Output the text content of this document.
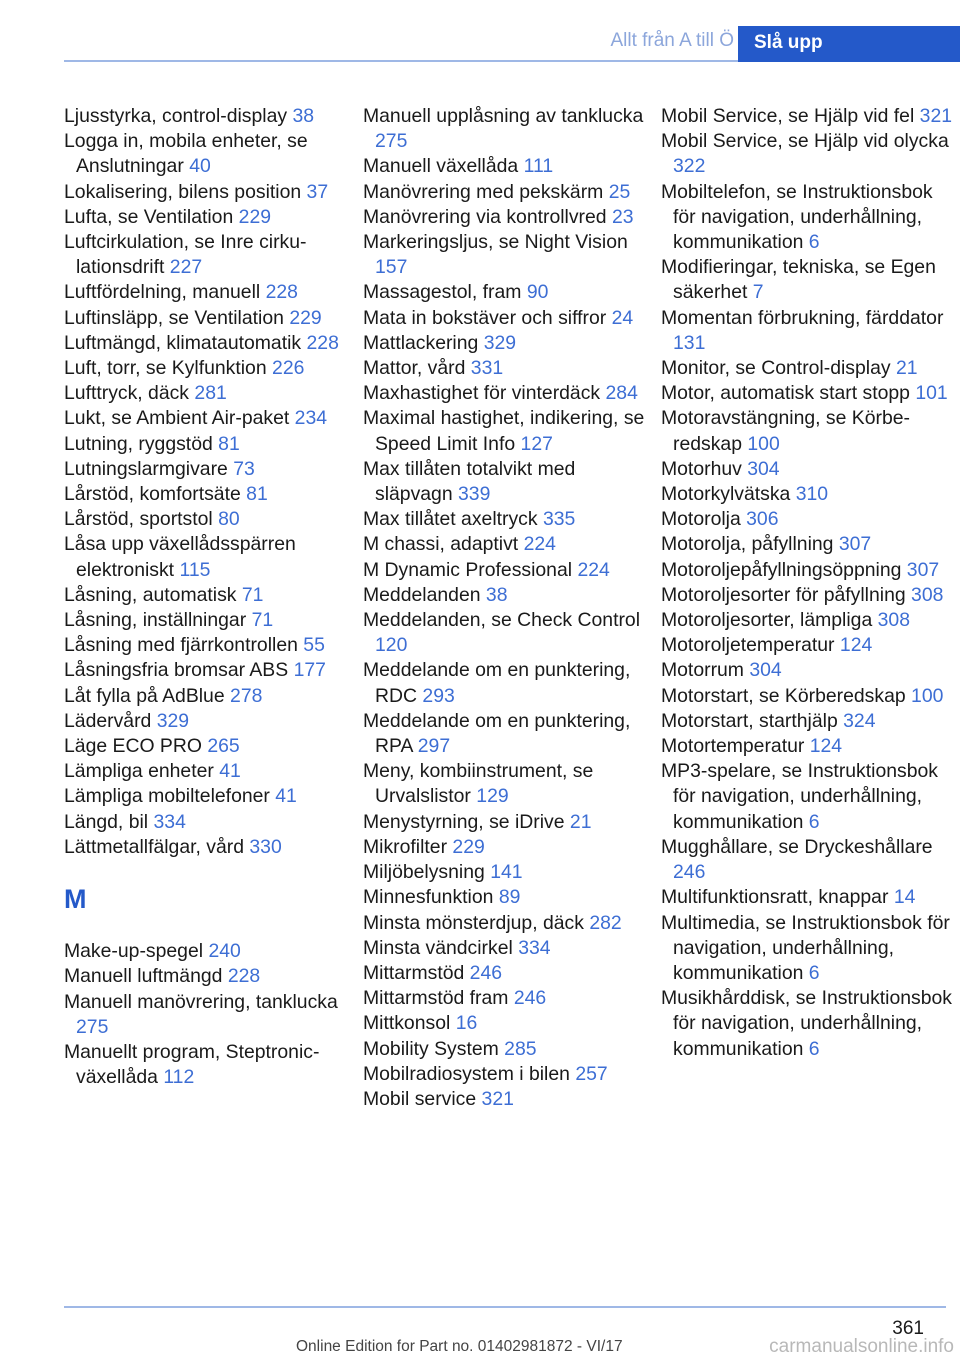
Allt från A till Ö	Slå upp
Ljusstyrka, control-display 38
Logga in, mobila enheter, se Anslutningar 40
Lokalisering, bilens position 37
Lufta, se Ventilation 229
Luftcirkulation, se Inre cirkulationsdrift 227
Luftfördelning, manuell 228
Luftinsläpp, se Ventilation 229
Luftmängd, klimatautomatik 228
Luft, torr, se Kylfunktion 226
Lufttryck, däck 281
Lukt, se Ambient Air-paket 234
Lutning, ryggstöd 81
Lutningslarmgivare 73
Lårstöd, komfortsäte 81
Lårstöd, sportstol 80
Låsa upp växellådsspärren elektroniskt 115
Låsning, automatisk 71
Låsning, inställningar 71
Låsning med fjärrkontrollen 55
Låsningsfria bromsar ABS 177
Låt fylla på AdBlue 278
Lädervård 329
Läge ECO PRO 265
Lämpliga enheter 41
Lämpliga mobiltelefoner 41
Längd, bil 334
Lättmetallfälgar, vård 330
M
Make-up-spegel 240
Manuell luftmängd 228
Manuell manövrering, tanklucka 275
Manuellt program, Steptronic-växellåda 112
Manuell upplåsning av tanklucka 275
Manuell växellåda 111
Manövrering med pekskärm 25
Manövrering via kontrollvred 23
Markeringsljus, se Night Vision 157
Massagestol, fram 90
Mata in bokstäver och siffror 24
Mattlackering 329
Mattor, vård 331
Maxhastighet för vinterdäck 284
Maximal hastighet, indikering, se Speed Limit Info 127
Max tillåten totalvikt med släpvagn 339
Max tillåtet axeltryck 335
M chassi, adaptivt 224
M Dynamic Professional 224
Meddelanden 38
Meddelanden, se Check Control 120
Meddelande om en punktering, RDC 293
Meddelande om en punktering, RPA 297
Meny, kombiinstrument, se Urvalslistor 129
Menystyrning, se iDrive 21
Mikrofilter 229
Miljöbelysning 141
Minnesfunktion 89
Minsta mönsterdjup, däck 282
Minsta vändcirkel 334
Mittarmstöd 246
Mittarmstöd fram 246
Mittkonsol 16
Mobility System 285
Mobilradiosystem i bilen 257
Mobil service 321
Mobil Service, se Hjälp vid fel 321
Mobil Service, se Hjälp vid olycka 322
Mobiltelefon, se Instruktionsbok för navigation, underhållning, kommunikation 6
Modifieringar, tekniska, se Egen säkerhet 7
Momentan förbrukning, färddator 131
Monitor, se Control-display 21
Motor, automatisk start stopp 101
Motoravstängning, se Körberedskap 100
Motorhuv 304
Motorkylvätska 310
Motorolja 306
Motorolja, påfyllning 307
Motoroljepåfyllningsöppning 307
Motoroljesorter för påfyllning 308
Motoroljesorter, lämpliga 308
Motoroljetemperatur 124
Motorrum 304
Motorstart, se Körberedskap 100
Motorstart, starthjälp 324
Motortemperatur 124
MP3-spelare, se Instruktionsbok för navigation, underhållning, kommunikation 6
Mugghållare, se Dryckeshållare 246
Multifunktionsratt, knappar 14
Multimedia, se Instruktionsbok för navigation, underhållning, kommunikation 6
Musikhårddisk, se Instruktionsbok för navigation, underhållning, kommunikation 6
361
Online Edition for Part no. 01402981872 - VI/17	carmanualsonline.info
